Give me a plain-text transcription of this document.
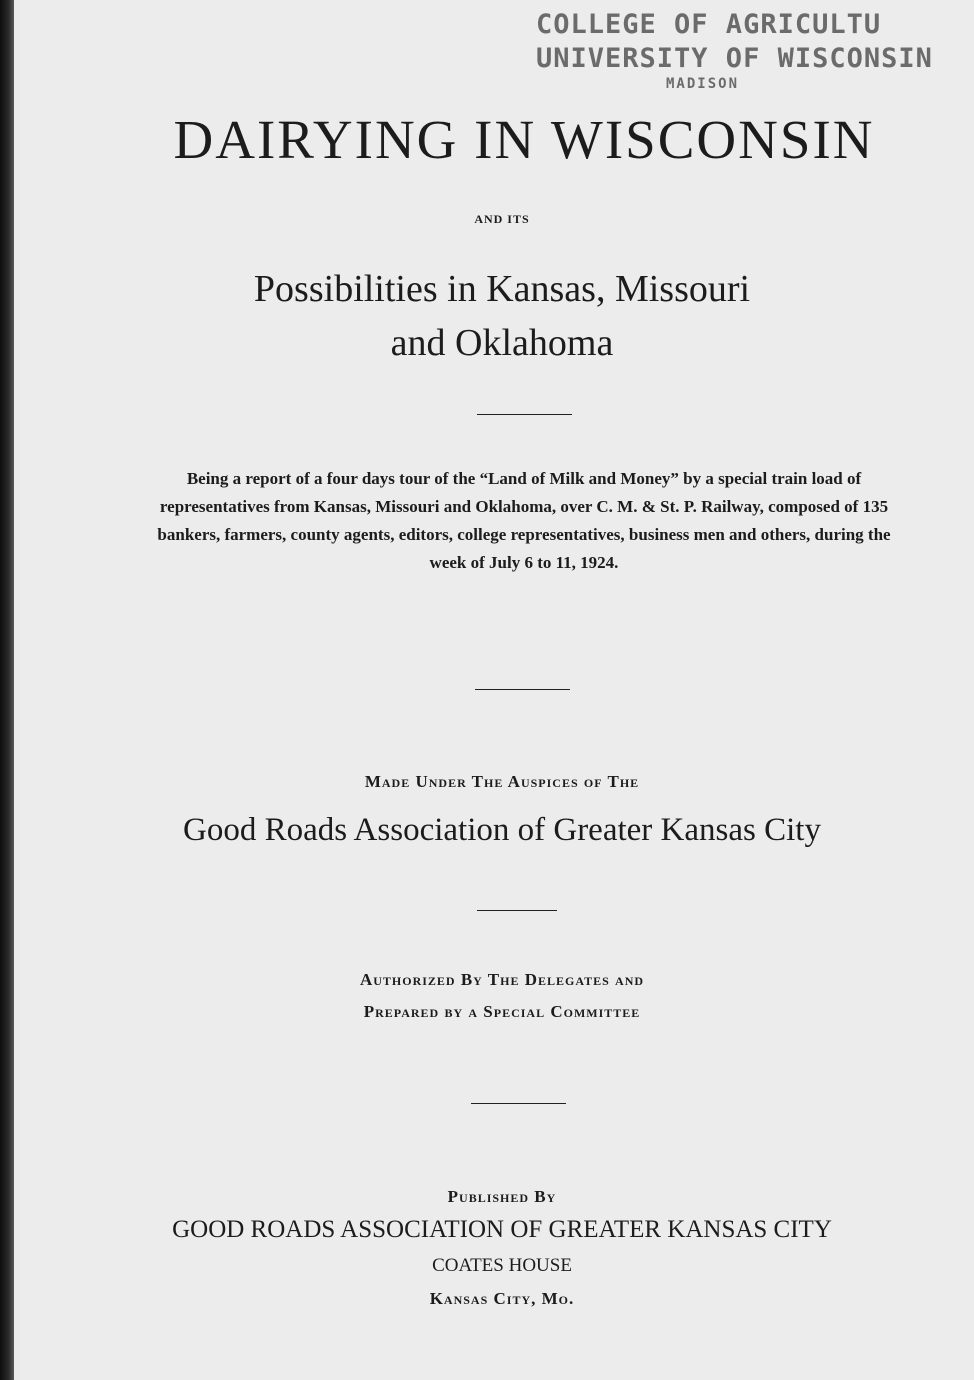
COLLEGE OF AGRICULTU
UNIVERSITY OF WISCONSIN
MADISON
DAIRYING IN WISCONSIN
AND ITS
Possibilities in Kansas, Missouri
and Oklahoma
Being a report of a four days tour of the “Land of Milk and Money” by a special train load of representatives from Kansas, Missouri and Oklahoma, over C. M. & St. P. Railway, composed of 135 bankers, farmers, county agents, editors, college representatives, business men and others, during the week of July 6 to 11, 1924.
Made Under The Auspices of The
Good Roads Association of Greater Kansas City
Authorized By The Delegates and
Prepared by a Special Committee
Published By
GOOD ROADS ASSOCIATION OF GREATER KANSAS CITY
COATES HOUSE
Kansas City, Mo.
